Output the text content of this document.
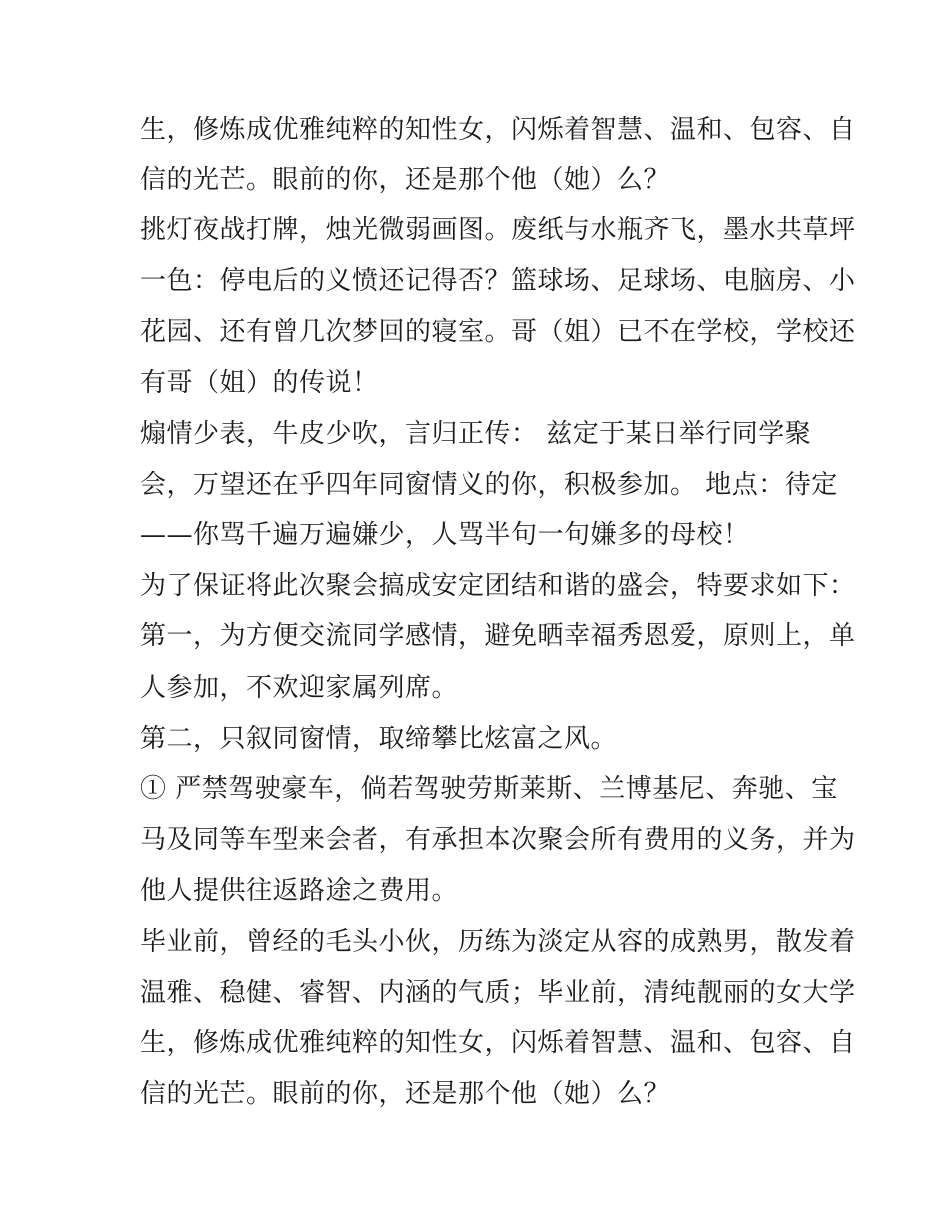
生，修炼成优雅纯粹的知性女，闪烁着智慧、温和、包容、自
信的光芒。眼前的你，还是那个他（她）么？
挑灯夜战打牌，烛光微弱画图。废纸与水瓶齐飞，墨水共草坪
一色：停电后的义愤还记得否？篮球场、足球场、电脑房、小
花园、还有曾几次梦回的寝室。哥（姐）已不在学校，学校还
有哥（姐）的传说！
煽情少表，牛皮少吹，言归正传： 兹定于某日举行同学聚
会，万望还在乎四年同窗情义的你，积极参加。 地点：待定
——你骂千遍万遍嫌少，人骂半句一句嫌多的母校！
为了保证将此次聚会搞成安定团结和谐的盛会，特要求如下：
第一，为方便交流同学感情，避免晒幸福秀恩爱，原则上，单
人参加，不欢迎家属列席。
第二，只叙同窗情，取缔攀比炫富之风。
① 严禁驾驶豪车，倘若驾驶劳斯莱斯、兰博基尼、奔驰、宝
马及同等车型来会者，有承担本次聚会所有费用的义务，并为
他人提供往返路途之费用。
毕业前，曾经的毛头小伙，历练为淡定从容的成熟男，散发着
温雅、稳健、睿智、内涵的气质；毕业前，清纯靓丽的女大学
生，修炼成优雅纯粹的知性女，闪烁着智慧、温和、包容、自
信的光芒。眼前的你，还是那个他（她）么？
